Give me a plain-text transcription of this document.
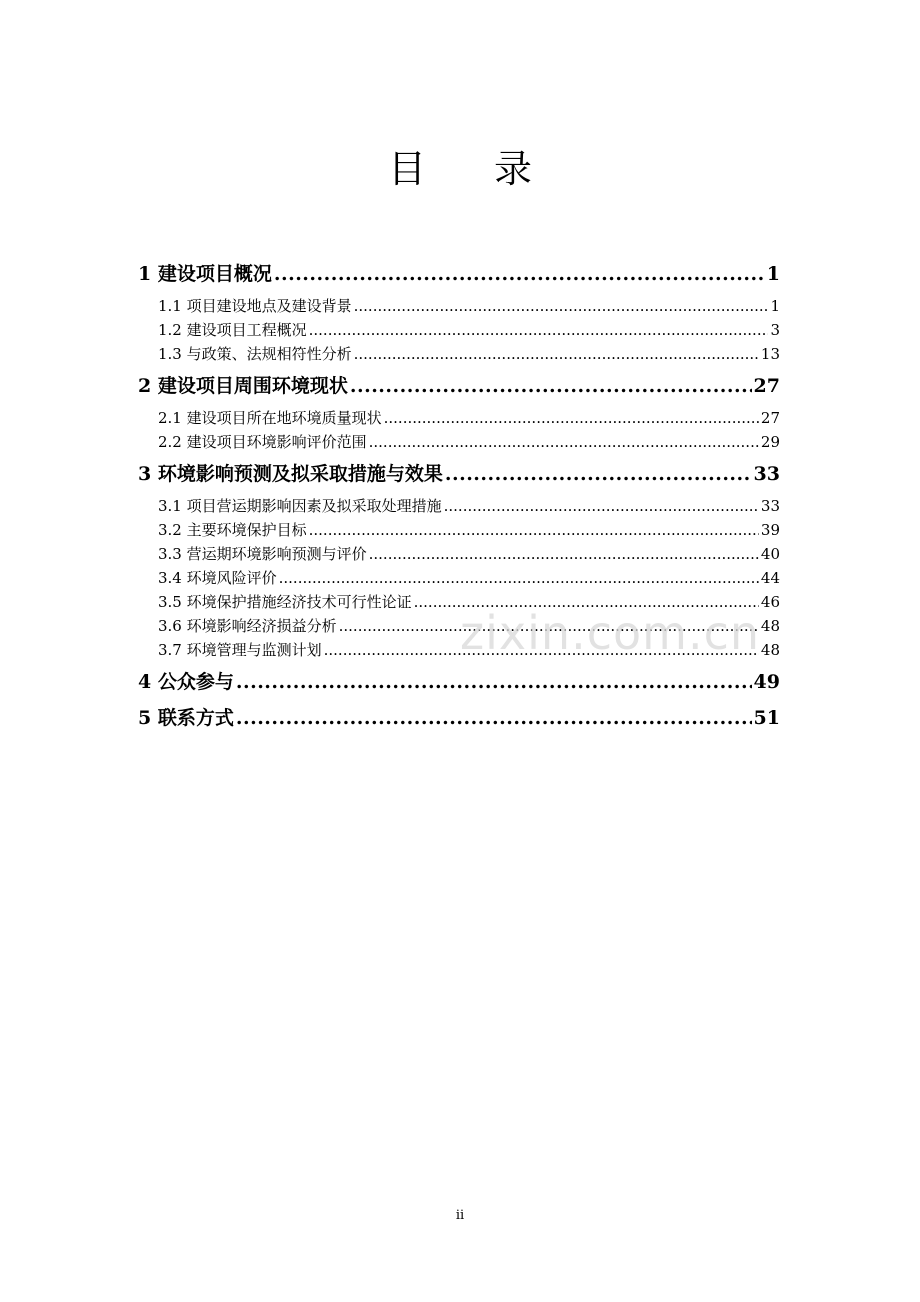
目 录
1 建设项目概况 .....	1
1.1 项目建设地点及建设背景 .....	1
1.2 建设项目工程概况 .....	3
1.3 与政策、法规相符性分析 .....	13
2 建设项目周围环境现状 .....	27
2.1 建设项目所在地环境质量现状 .....	27
2.2 建设项目环境影响评价范围 .....	29
3 环境影响预测及拟采取措施与效果 .....	33
3.1 项目营运期影响因素及拟采取处理措施 .....	33
3.2 主要环境保护目标 .....	39
3.3 营运期环境影响预测与评价 .....	40
3.4 环境风险评价 .....	44
3.5 环境保护措施经济技术可行性论证 .....	46
3.6 环境影响经济损益分析 .....	48
3.7 环境管理与监测计划 .....	48
4 公众参与 .....	49
5 联系方式 .....	51
zixin.com.cn
ii
